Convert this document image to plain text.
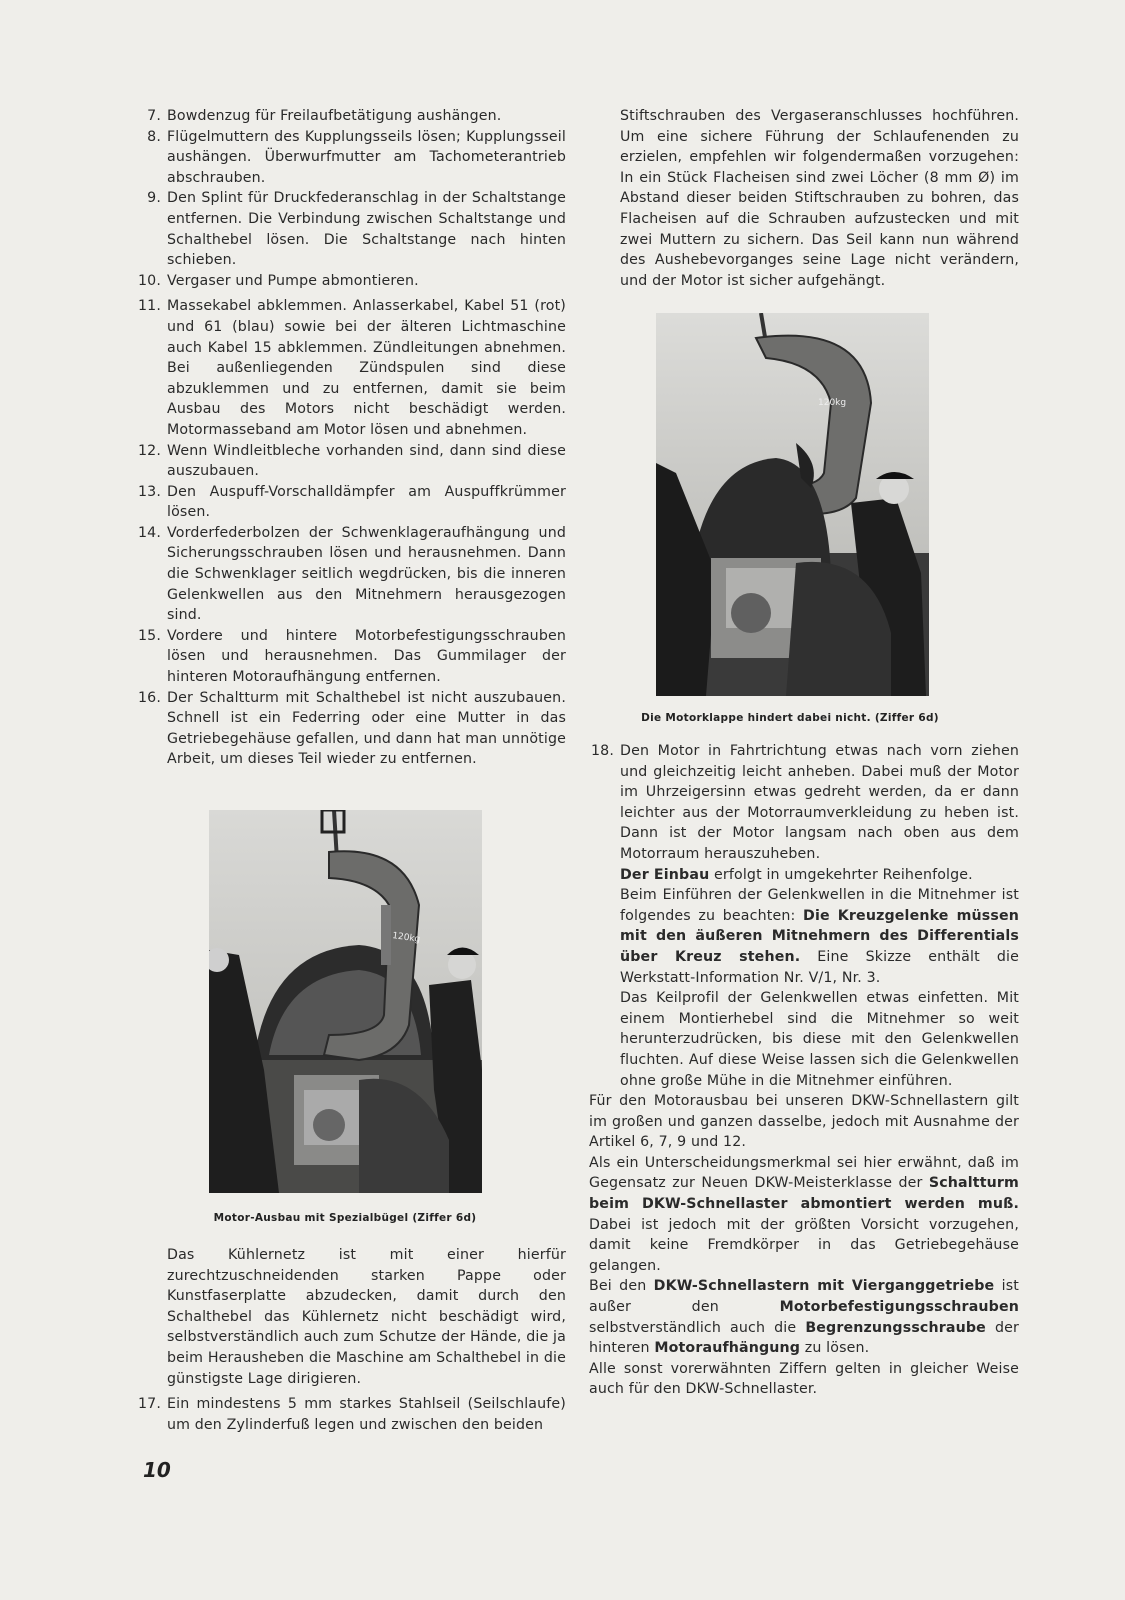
7. Bowdenzug für Freilaufbetätigung aushängen.
8. Flügelmuttern des Kupplungsseils lösen; Kupplungsseil aushängen. Überwurfmutter am Tachometerantrieb abschrauben.
9. Den Splint für Druckfederanschlag in der Schaltstange entfernen. Die Verbindung zwischen Schaltstange und Schalthebel lösen. Die Schaltstange nach hinten schieben.
10. Vergaser und Pumpe abmontieren.
11. Massekabel abklemmen. Anlasserkabel, Kabel 51 (rot) und 61 (blau) sowie bei der älteren Lichtmaschine auch Kabel 15 abklemmen. Zündleitungen abnehmen. Bei außenliegenden Zündspulen sind diese abzuklemmen und zu entfernen, damit sie beim Ausbau des Motors nicht beschädigt werden. Motormasseband am Motor lösen und abnehmen.
12. Wenn Windleitbleche vorhanden sind, dann sind diese auszubauen.
13. Den Auspuff-Vorschalldämpfer am Auspuffkrümmer lösen.
14. Vorderfederbolzen der Schwenklageraufhängung und Sicherungsschrauben lösen und herausnehmen. Dann die Schwenklager seitlich wegdrücken, bis die inneren Gelenkwellen aus den Mitnehmern herausgezogen sind.
15. Vordere und hintere Motorbefestigungsschrauben lösen und herausnehmen. Das Gummilager der hinteren Motoraufhängung entfernen.
16. Der Schaltturm mit Schalthebel ist nicht auszubauen. Schnell ist ein Federring oder eine Mutter in das Getriebegehäuse gefallen, und dann hat man unnötige Arbeit, um dieses Teil wieder zu entfernen.
120kg
Motor-Ausbau mit Spezialbügel (Ziffer 6d)
Das Kühlernetz ist mit einer hierfür zurechtzuschneidenden starken Pappe oder Kunstfaserplatte abzudecken, damit durch den Schalthebel das Kühlernetz nicht beschädigt wird, selbstverständlich auch zum Schutze der Hände, die ja beim Herausheben die Maschine am Schalthebel in die günstigste Lage dirigieren.
17. Ein mindestens 5 mm starkes Stahlseil (Seilschlaufe) um den Zylinderfuß legen und zwischen den beiden
Stiftschrauben des Vergaseranschlusses hochführen. Um eine sichere Führung der Schlaufenenden zu erzielen, empfehlen wir folgendermaßen vorzugehen: In ein Stück Flacheisen sind zwei Löcher (8 mm Ø) im Abstand dieser beiden Stiftschrauben zu bohren, das Flacheisen auf die Schrauben aufzustecken und mit zwei Muttern zu sichern. Das Seil kann nun während des Aushebevorganges seine Lage nicht verändern, und der Motor ist sicher aufgehängt.
120kg
Die Motorklappe hindert dabei nicht. (Ziffer 6d)
18. Den Motor in Fahrtrichtung etwas nach vorn ziehen und gleichzeitig leicht anheben. Dabei muß der Motor im Uhrzeigersinn etwas gedreht werden, da er dann leichter aus der Motorraumverkleidung zu heben ist. Dann ist der Motor langsam nach oben aus dem Motorraum herauszuheben.
Der Einbau erfolgt in umgekehrter Reihenfolge.
Beim Einführen der Gelenkwellen in die Mitnehmer ist folgendes zu beachten: Die Kreuzgelenke müssen mit den äußeren Mitnehmern des Differentials über Kreuz stehen. Eine Skizze enthält die Werkstatt-Information Nr. V/1, Nr. 3.
Das Keilprofil der Gelenkwellen etwas einfetten. Mit einem Montierhebel sind die Mitnehmer so weit herunterzudrücken, bis diese mit den Gelenkwellen fluchten. Auf diese Weise lassen sich die Gelenkwellen ohne große Mühe in die Mitnehmer einführen.
Für den Motorausbau bei unseren DKW-Schnellastern gilt im großen und ganzen dasselbe, jedoch mit Ausnahme der Artikel 6, 7, 9 und 12.
Als ein Unterscheidungsmerkmal sei hier erwähnt, daß im Gegensatz zur Neuen DKW-Meisterklasse der Schaltturm beim DKW-Schnellaster abmontiert werden muß. Dabei ist jedoch mit der größten Vorsicht vorzugehen, damit keine Fremdkörper in das Getriebegehäuse gelangen.
Bei den DKW-Schnellastern mit Vierganggetriebe ist außer den Motorbefestigungsschrauben selbstverständlich auch die Begrenzungsschraube der hinteren Motoraufhängung zu lösen.
Alle sonst vorerwähnten Ziffern gelten in gleicher Weise auch für den DKW-Schnellaster.
10
